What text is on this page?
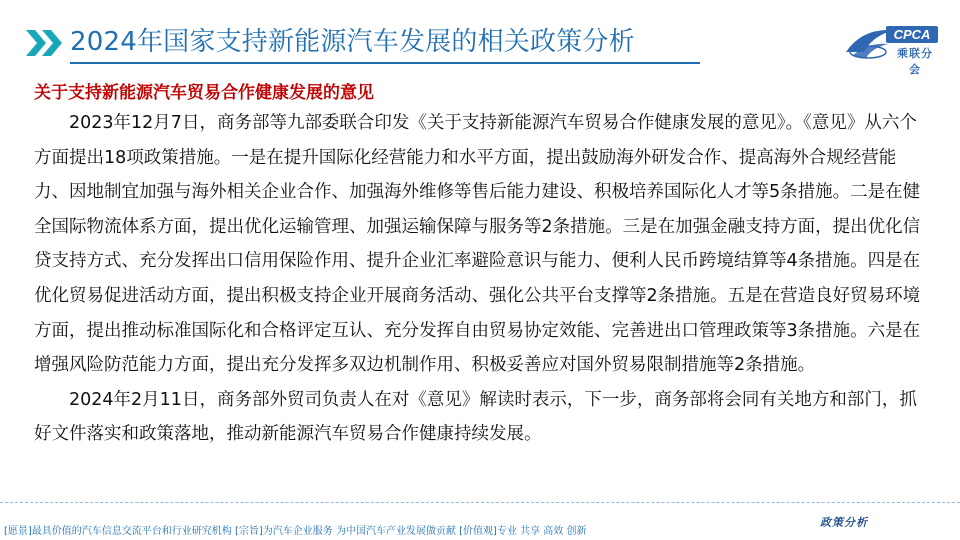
2024年国家支持新能源汽车发展的相关政策分析	CPCA
乘联分会
关于支持新能源汽车贸易合作健康发展的意见

2023年12月7日，商务部等九部委联合印发《关于支持新能源汽车贸易合作健康发展的意见》。《意见》从六个方面提出18项政策措施。一是在提升国际化经营能力和水平方面，提出鼓励海外研发合作、提高海外合规经营能力、因地制宜加强与海外相关企业合作、加强海外维修等售后能力建设、积极培养国际化人才等5条措施。二是在健全国际物流体系方面，提出优化运输管理、加强运输保障与服务等2条措施。三是在加强金融支持方面，提出优化信贷支持方式、充分发挥出口信用保险作用、提升企业汇率避险意识与能力、便利人民币跨境结算等4条措施。四是在优化贸易促进活动方面，提出积极支持企业开展商务活动、强化公共平台支撑等2条措施。五是在营造良好贸易环境方面，提出推动标准国际化和合格评定互认、充分发挥自由贸易协定效能、完善进出口管理政策等3条措施。六是在增强风险防范能力方面，提出充分发挥多双边机制作用、积极妥善应对国外贸易限制措施等2条措施。

2024年2月11日，商务部外贸司负责人在对《意见》解读时表示，下一步，商务部将会同有关地方和部门，抓好文件落实和政策落地，推动新能源汽车贸易合作健康持续发展。

政策分析
[愿景]最具价值的汽车信息交流平台和行业研究机构 [宗旨]为汽车企业服务 为中国汽车产业发展做贡献 [价值观]专业 共享 高效 创新
